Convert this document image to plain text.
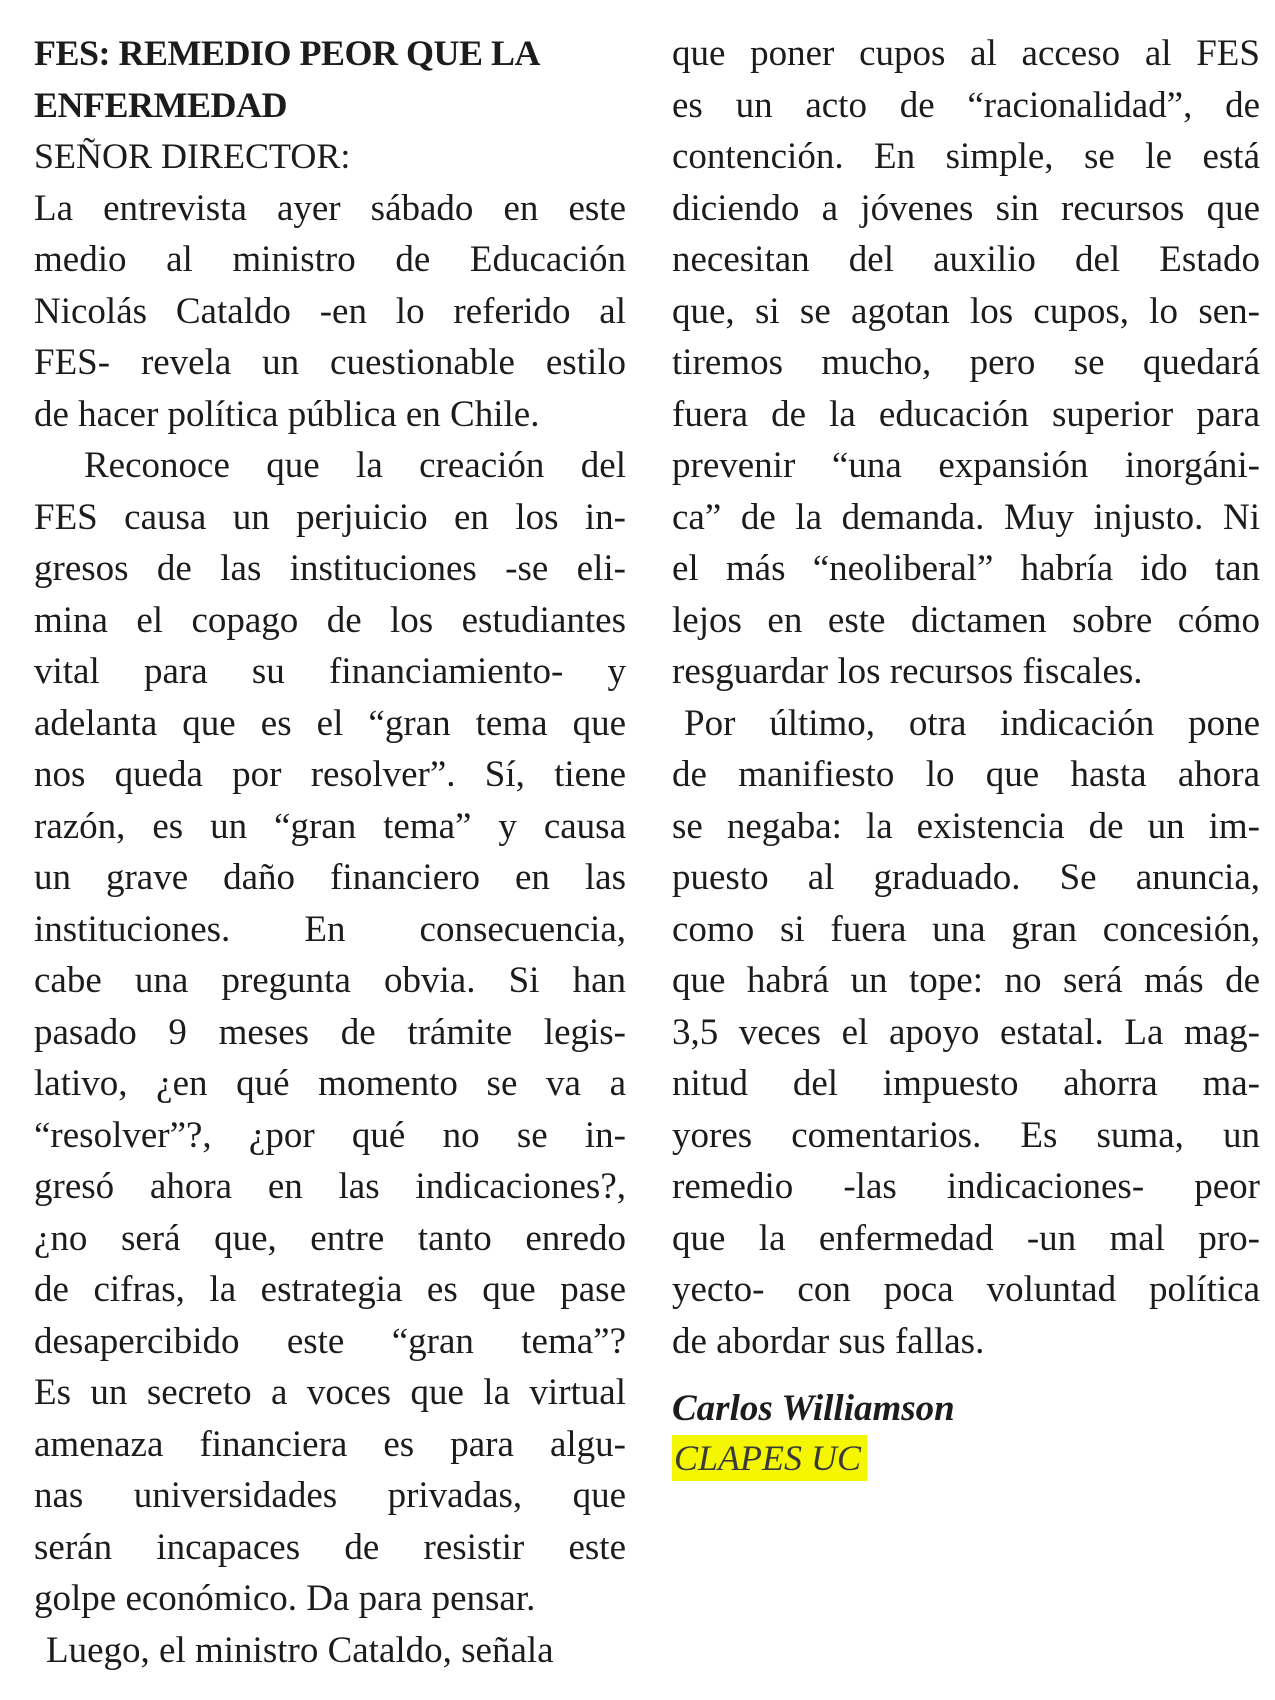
FES: REMEDIO PEOR QUE LA
ENFERMEDAD
SEÑOR DIRECTOR:
La entrevista ayer sábado en este
medio al ministro de Educación
Nicolás Cataldo -en lo referido al
FES- revela un cuestionable estilo
de hacer política pública en Chile.
Reconoce que la creación del
FES causa un perjuicio en los in-
gresos de las instituciones -se eli-
mina el copago de los estudiantes
vital para su financiamiento- y
adelanta que es el “gran tema que
nos queda por resolver”. Sí, tiene
razón, es un “gran tema” y causa
un grave daño financiero en las
instituciones. En consecuencia,
cabe una pregunta obvia. Si han
pasado 9 meses de trámite legis-
lativo, ¿en qué momento se va a
“resolver”?, ¿por qué no se in-
gresó ahora en las indicaciones?,
¿no será que, entre tanto enredo
de cifras, la estrategia es que pase
desapercibido este “gran tema”?
Es un secreto a voces que la virtual
amenaza financiera es para algu-
nas universidades privadas, que
serán incapaces de resistir este
golpe económico. Da para pensar.
Luego, el ministro Cataldo, señala
que poner cupos al acceso al FES
es un acto de “racionalidad”, de
contención. En simple, se le está
diciendo a jóvenes sin recursos que
necesitan del auxilio del Estado
que, si se agotan los cupos, lo sen-
tiremos mucho, pero se quedará
fuera de la educación superior para
prevenir “una expansión inorgáni-
ca” de la demanda. Muy injusto. Ni
el más “neoliberal” habría ido tan
lejos en este dictamen sobre cómo
resguardar los recursos fiscales.
Por último, otra indicación pone
de manifiesto lo que hasta ahora
se negaba: la existencia de un im-
puesto al graduado. Se anuncia,
como si fuera una gran concesión,
que habrá un tope: no será más de
3,5 veces el apoyo estatal. La mag-
nitud del impuesto ahorra ma-
yores comentarios. Es suma, un
remedio -las indicaciones- peor
que la enfermedad -un mal pro-
yecto- con poca voluntad política
de abordar sus fallas.
Carlos Williamson
CLAPES UC
